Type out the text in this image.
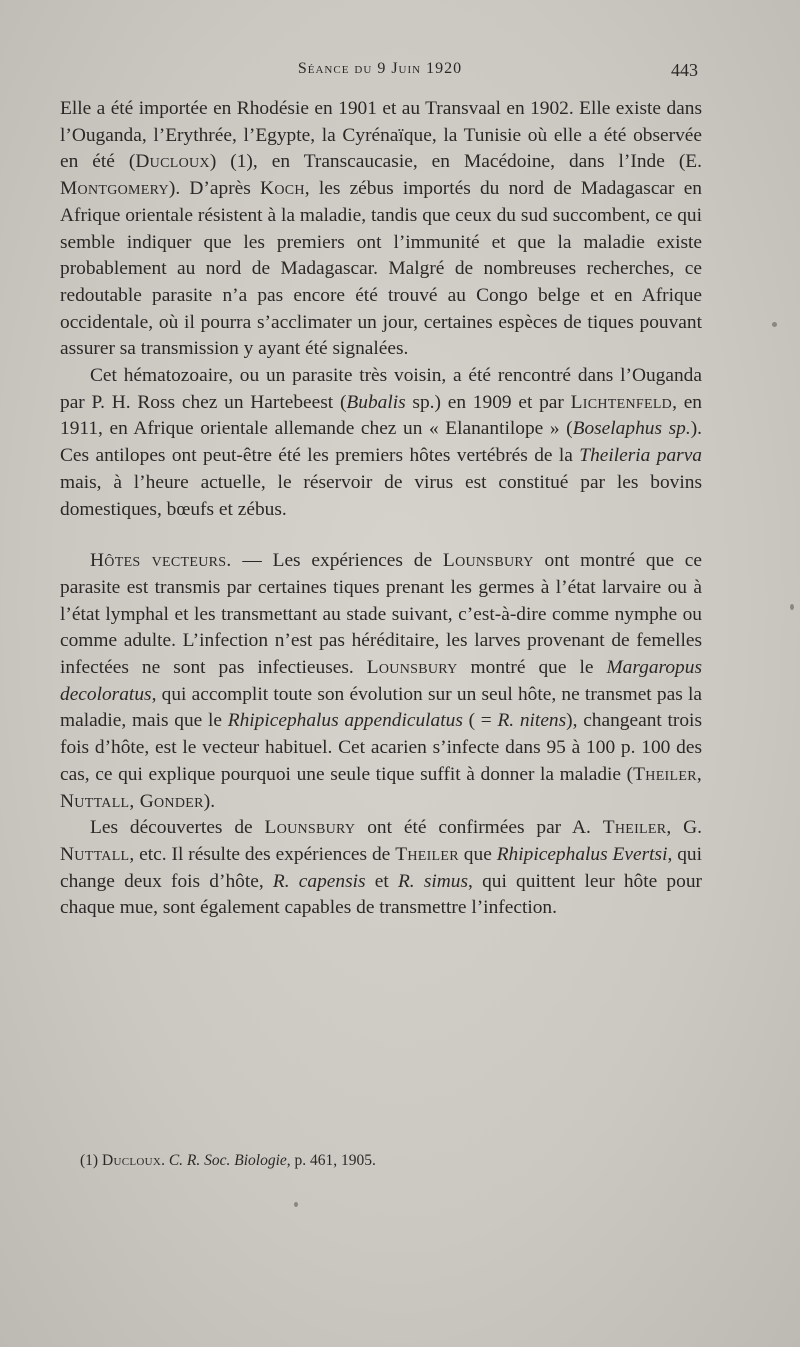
Séance du 9 Juin 1920	443

Elle a été importée en Rhodésie en 1901 et au Transvaal en 1902. Elle existe dans l’Ouganda, l’Erythrée, l’Egypte, la Cyrénaïque, la Tunisie où elle a été observée en été (Ducloux) (1), en Transcaucasie, en Macédoine, dans l’Inde (E. Montgomery). D’après Koch, les zébus importés du nord de Madagascar en Afrique orientale résistent à la maladie, tandis que ceux du sud succombent, ce qui semble indiquer que les premiers ont l’immunité et que la maladie existe probablement au nord de Madagascar. Malgré de nombreuses recherches, ce redoutable parasite n’a pas encore été trouvé au Congo belge et en Afrique occidentale, où il pourra s’acclimater un jour, certaines espèces de tiques pouvant assurer sa transmission y ayant été signalées.

Cet hématozoaire, ou un parasite très voisin, a été rencontré dans l’Ouganda par P. H. Ross chez un Hartebeest (Bubalis sp.) en 1909 et par Lichtenfeld, en 1911, en Afrique orientale allemande chez un « Elanantilope » (Boselaphus sp.). Ces antilopes ont peut-être été les premiers hôtes vertébrés de la Theileria parva mais, à l’heure actuelle, le réservoir de virus est constitué par les bovins domestiques, bœufs et zébus.

Hôtes vecteurs. — Les expériences de Lounsbury ont montré que ce parasite est transmis par certaines tiques prenant les germes à l’état larvaire ou à l’état lymphal et les transmettant au stade suivant, c’est-à-dire comme nymphe ou comme adulte. L’infection n’est pas héréditaire, les larves provenant de femelles infectées ne sont pas infectieuses. Lounsbury montré que le Margaropus decoloratus, qui accomplit toute son évolution sur un seul hôte, ne transmet pas la maladie, mais que le Rhipicephalus appendiculatus ( = R. nitens), changeant trois fois d’hôte, est le vecteur habituel. Cet acarien s’infecte dans 95 à 100 p. 100 des cas, ce qui explique pourquoi une seule tique suffit à donner la maladie (Theiler, Nuttall, Gonder).

Les découvertes de Lounsbury ont été confirmées par A. Theiler, G. Nuttall, etc. Il résulte des expériences de Theiler que Rhipicephalus Evertsi, qui change deux fois d’hôte, R. capensis et R. simus, qui quittent leur hôte pour chaque mue, sont également capables de transmettre l’infection.

(1) Ducloux. C. R. Soc. Biologie, p. 461, 1905.
